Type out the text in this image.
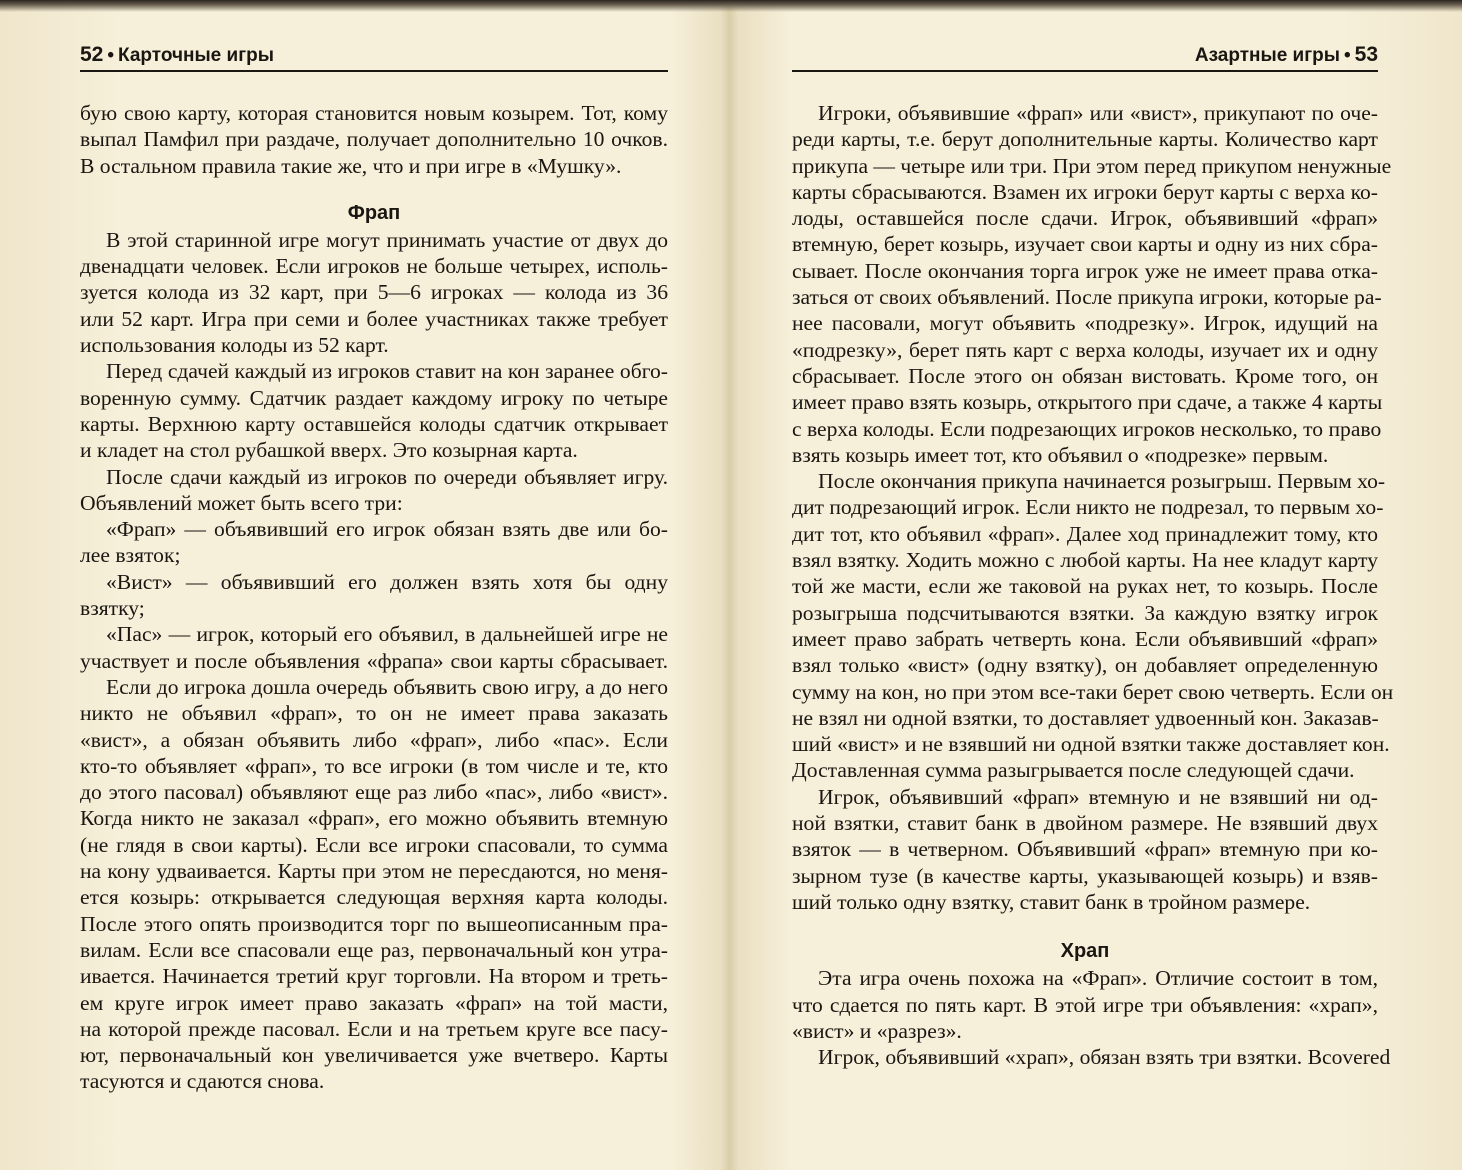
52 • Карточные игры
бую свою карту, которая становится новым козырем. Тот, кому
выпал Памфил при раздаче, получает дополнительно 10 очков.
В остальном правила такие же, что и при игре в «Мушку».
Фрап
В этой старинной игре могут принимать участие от двух до
двенадцати человек. Если игроков не больше четырех, исполь-
зуется колода из 32 карт, при 5—6 игроках — колода из 36
или 52 карт. Игра при семи и более участниках также требует
использования колоды из 52 карт.
Перед сдачей каждый из игроков ставит на кон заранее обго-
воренную сумму. Сдатчик раздает каждому игроку по четыре
карты. Верхнюю карту оставшейся колоды сдатчик открывает
и кладет на стол рубашкой вверх. Это козырная карта.
После сдачи каждый из игроков по очереди объявляет игру.
Объявлений может быть всего три:
«Фрап» — объявивший его игрок обязан взять две или бо-
лее взяток;
«Вист» — объявивший его должен взять хотя бы одну
взятку;
«Пас» — игрок, который его объявил, в дальнейшей игре не
участвует и после объявления «фрапа» свои карты сбрасывает.
Если до игрока дошла очередь объявить свою игру, а до него
никто не объявил «фрап», то он не имеет права заказать
«вист», а обязан объявить либо «фрап», либо «пас». Если
кто-то объявляет «фрап», то все игроки (в том числе и те, кто
до этого пасовал) объявляют еще раз либо «пас», либо «вист».
Когда никто не заказал «фрап», его можно объявить втемную
(не глядя в свои карты). Если все игроки спасовали, то сумма
на кону удваивается. Карты при этом не пересдаются, но меня-
ется козырь: открывается следующая верхняя карта колоды.
После этого опять производится торг по вышеописанным пра-
вилам. Если все спасовали еще раз, первоначальный кон утра-
ивается. Начинается третий круг торговли. На втором и треть-
ем круге игрок имеет право заказать «фрап» на той масти,
на которой прежде пасовал. Если и на третьем круге все пасу-
ют, первоначальный кон увеличивается уже вчетверо. Карты
тасуются и сдаются снова.
Азартные игры • 53
Игроки, объявившие «фрап» или «вист», прикупают по оче-
реди карты, т.е. берут дополнительные карты. Количество карт
прикупа — четыре или три. При этом перед прикупом ненужные
карты сбрасываются. Взамен их игроки берут карты с верха ко-
лоды, оставшейся после сдачи. Игрок, объявивший «фрап»
втемную, берет козырь, изучает свои карты и одну из них сбра-
сывает. После окончания торга игрок уже не имеет права отка-
заться от своих объявлений. После прикупа игроки, которые ра-
нее пасовали, могут объявить «подрезку». Игрок, идущий на
«подрезку», берет пять карт с верха колоды, изучает их и одну
сбрасывает. После этого он обязан вистовать. Кроме того, он
имеет право взять козырь, открытого при сдаче, а также 4 карты
с верха колоды. Если подрезающих игроков несколько, то право
взять козырь имеет тот, кто объявил о «подрезке» первым.
После окончания прикупа начинается розыгрыш. Первым хо-
дит подрезающий игрок. Если никто не подрезал, то первым хо-
дит тот, кто объявил «фрап». Далее ход принадлежит тому, кто
взял взятку. Ходить можно с любой карты. На нее кладут карту
той же масти, если же таковой на руках нет, то козырь. После
розыгрыша подсчитываются взятки. За каждую взятку игрок
имеет право забрать четверть кона. Если объявивший «фрап»
взял только «вист» (одну взятку), он добавляет определенную
сумму на кон, но при этом все-таки берет свою четверть. Если он
не взял ни одной взятки, то доставляет удвоенный кон. Заказав-
ший «вист» и не взявший ни одной взятки также доставляет кон.
Доставленная сумма разыгрывается после следующей сдачи.
Игрок, объявивший «фрап» втемную и не взявший ни од-
ной взятки, ставит банк в двойном размере. Не взявший двух
взяток — в четверном. Объявивший «фрап» втемную при ко-
зырном тузе (в качестве карты, указывающей козырь) и взяв-
ший только одну взятку, ставит банк в тройном размере.
Храп
Эта игра очень похожа на «Фрап». Отличие состоит в том,
что сдается по пять карт. В этой игре три объявления: «храп»,
«вист» и «разрез».
Игрок, объявивший «храп», обязан взять три взятки. Вcovered
